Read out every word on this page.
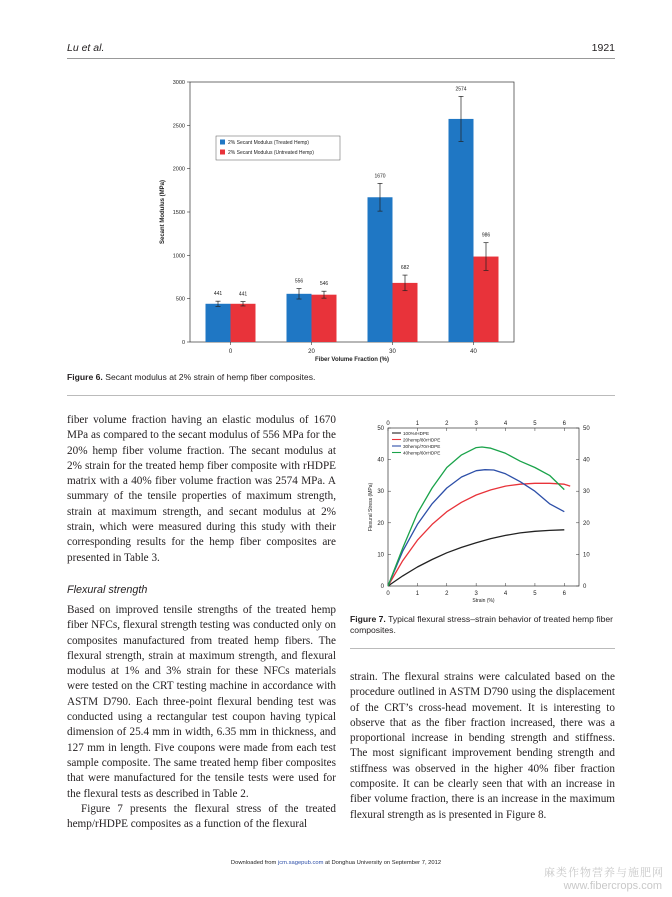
Lu et al.	1921
0
500
1000
1500
2000
2500
3000
0
441	441
20
556	546
30
1670
682
40
2574
986
Fiber Volume Fraction (%)
Secant Modulus (MPa)
2% Secant Modulus (Treated Hemp)
2% Secant Modulus (Untreated Hemp)
Figure 6. Secant modulus at 2% strain of hemp fiber composites.

fiber volume fraction having an elastic modulus of 1670 MPa as compared to the secant modulus of 556 MPa for the 20% hemp fiber volume fraction. The secant modulus at 2% strain for the treated hemp fiber composite with rHDPE matrix with a 40% fiber volume fraction was 2574 MPa. A summary of the tensile properties of maximum strength, strain at maximum strength, and secant modulus at 2% strain, which were measured during this study with their corresponding results for the hemp fiber composites are presented in Table 3.

Flexural strength

Based on improved tensile strengths of the treated hemp fiber NFCs, flexural strength testing was conducted only on composites manufactured from treated hemp fibers. The flexural strength, strain at maximum strength, and flexural modulus at 1% and 3% strain for these NFCs materials were tested on the CRT testing machine in accordance with ASTM D790. Each three-point flexural bending test was conducted using a rectangular test coupon having typical dimension of 25.4 mm in width, 6.35 mm in thickness, and 127 mm in length. Five coupons were made from each test sample composite. The same treated hemp fiber composites that were manufactured for the tensile tests were used for the flexural tests as described in Table 2.

Figure 7 presents the flexural stress of the treated hemp/rHDPE composites as a function of the flexural

0
0
1
1
2
2
3
3
4
4
5
5
6
6
0	0
10	10
20	20
30	30
40	40
50	50
Strain (%)
Flexural Stress (MPa)
100%rHDPE
20hemp/80rHDPE
30hemp/70rHDPE
40hemp/60rHDPE
Figure 7. Typical flexural stress–strain behavior of treated hemp fiber composites.

strain. The flexural strains were calculated based on the procedure outlined in ASTM D790 using the displacement of the CRT’s cross-head movement. It is interesting to observe that as the fiber fraction increased, there was a proportional increase in bending strength and stiffness. The most significant improvement bending strength and stiffness was observed in the higher 40% fiber fraction composite. It can be clearly seen that with an increase in fiber volume fraction, there is an increase in the maximum flexural strength as is presented in Figure 8.

Downloaded from jcm.sagepub.com at Donghua University on September 7, 2012
麻类作物营养与施肥网
www.fibercrops.com
